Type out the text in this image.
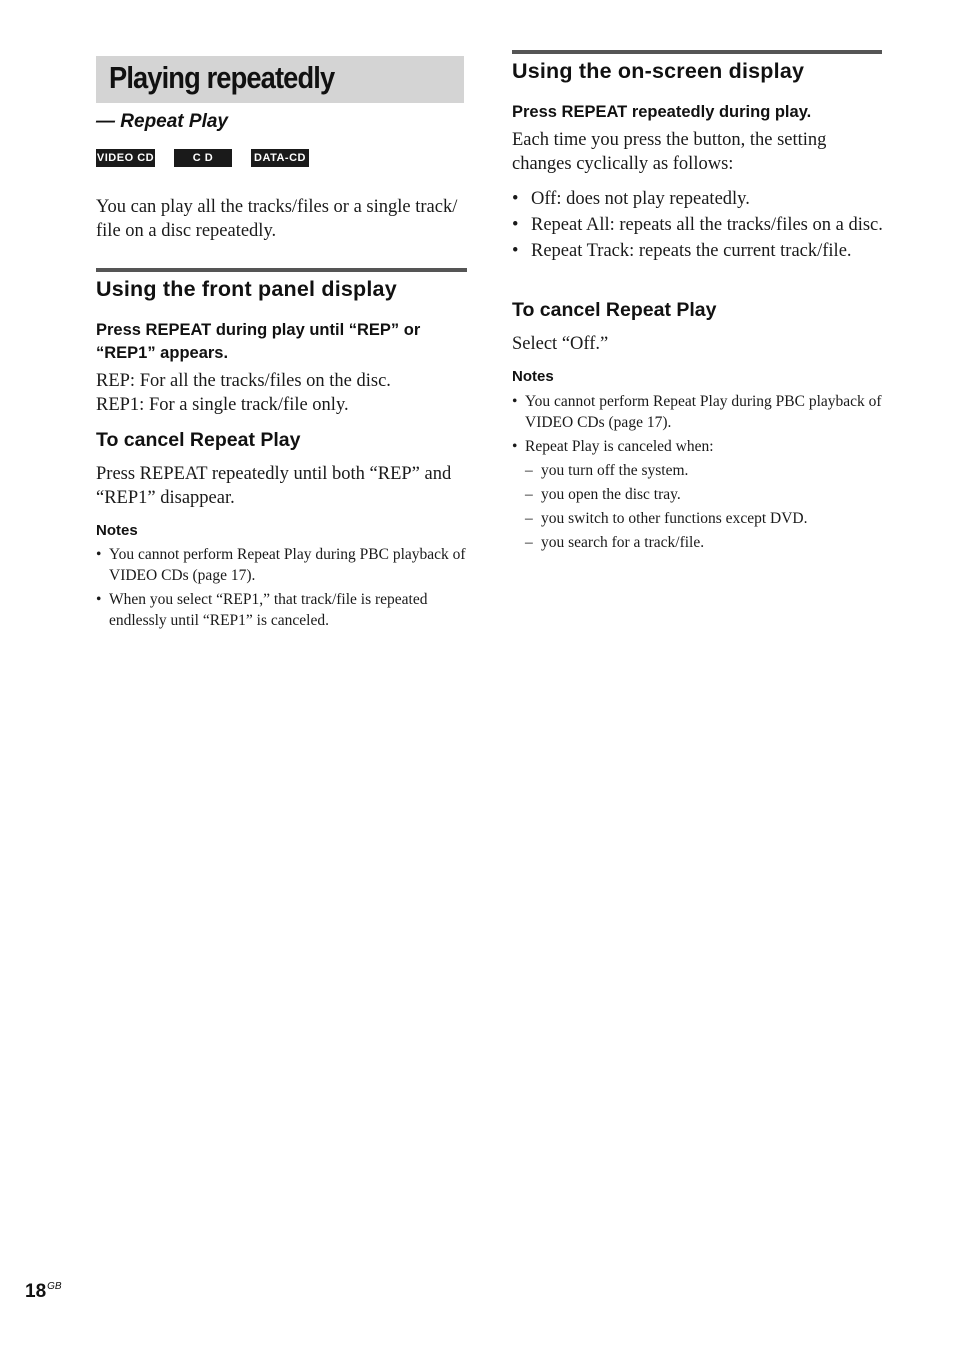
Playing repeatedly
— Repeat Play
VIDEO CD	C D	DATA-CD

You can play all the tracks/files or a single track/ file on a disc repeatedly.

Using the front panel display
Press REPEAT during play until “REP” or “REP1” appears.

REP: For all the tracks/files on the disc.

REP1: For a single track/file only.

To cancel Repeat Play

Press REPEAT repeatedly until both “REP” and “REP1” disappear.

Notes
• You cannot perform Repeat Play during PBC playback of VIDEO CDs (page 17).
• When you select “REP1,” that track/file is repeated endlessly until “REP1” is canceled.
Using the on-screen display
Press REPEAT repeatedly during play.

Each time you press the button, the setting changes cyclically as follows:

• Off: does not play repeatedly.
• Repeat All: repeats all the tracks/files on a disc.
• Repeat Track: repeats the current track/file.
To cancel Repeat Play

Select “Off.”

Notes
• You cannot perform Repeat Play during PBC playback of VIDEO CDs (page 17).
• Repeat Play is canceled when:
– you turn off the system.
– you open the disc tray.
– you switch to other functions except DVD.
– you search for a track/file.
$18^{GB}$
